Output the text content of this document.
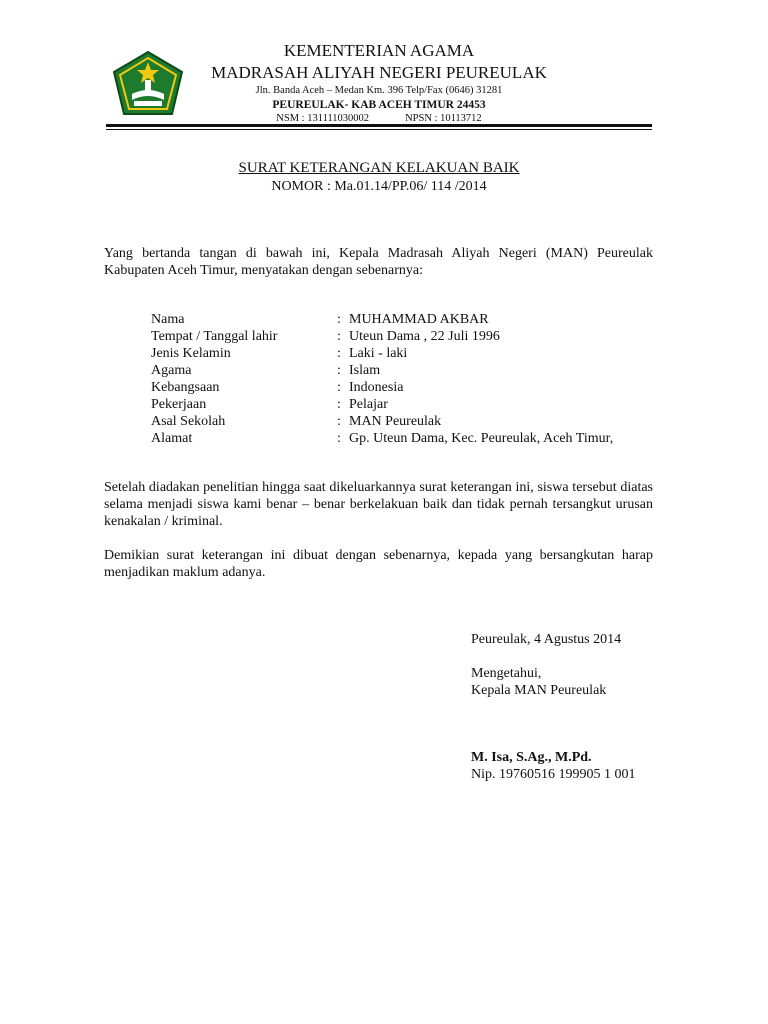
KEMENTERIAN AGAMA
MADRASAH ALIYAH NEGERI PEUREULAK
Jln. Banda Aceh – Medan Km. 396 Telp/Fax (0646) 31281
PEUREULAK- KAB ACEH TIMUR 24453
NSM : 131111030002	NPSN : 10113712
SURAT KETERANGAN KELAKUAN BAIK
NOMOR : Ma.01.14/PP.06/ 114 /2014
Yang bertanda tangan di bawah ini, Kepala Madrasah Aliyah Negeri (MAN) Peureulak Kabupaten Aceh Timur, menyatakan dengan sebenarnya:
Nama	: MUHAMMAD AKBAR
Tempat / Tanggal lahir	: Uteun Dama , 22 Juli 1996
Jenis Kelamin	: Laki - laki
Agama	: Islam
Kebangsaan	: Indonesia
Pekerjaan	: Pelajar
Asal Sekolah	: MAN Peureulak
Alamat	: Gp. Uteun Dama, Kec. Peureulak, Aceh Timur,
Setelah diadakan penelitian hingga saat dikeluarkannya surat keterangan ini, siswa tersebut diatas selama menjadi siswa kami benar – benar berkelakuan baik dan tidak pernah tersangkut urusan kenakalan / kriminal.
Demikian surat keterangan ini dibuat dengan sebenarnya, kepada yang bersangkutan harap menjadikan maklum adanya.
Peureulak, 4 Agustus 2014
Mengetahui,
Kepala MAN Peureulak
M. Isa, S.Ag., M.Pd.
Nip. 19760516 199905 1 001
